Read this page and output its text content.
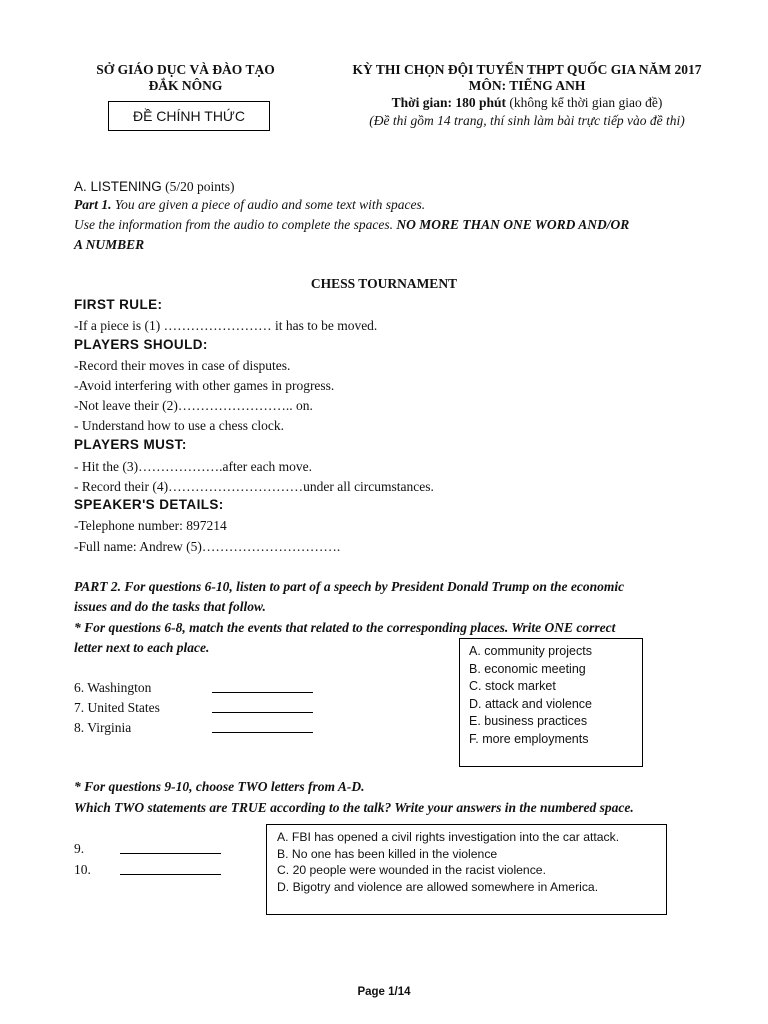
SỞ GIÁO DỤC VÀ ĐÀO TẠO
ĐẮK NÔNG
ĐỀ CHÍNH THỨC
KỲ THI CHỌN ĐỘI TUYỂN THPT QUỐC GIA NĂM 2017
MÔN: TIẾNG ANH
Thời gian: 180 phút (không kể thời gian giao đề)
(Đề thi gồm 14 trang, thí sinh làm bài trực tiếp vào đề thi)
A. LISTENING (5/20 points)
Part 1. You are given a piece of audio and some text with spaces.
Use the information from the audio to complete the spaces. NO MORE THAN ONE WORD AND/OR
A NUMBER
CHESS TOURNAMENT
FIRST RULE:
-If a piece is (1) …………………… it has to be moved.
PLAYERS SHOULD:
-Record their moves in case of disputes.
-Avoid interfering with other games in progress.
-Not leave their (2)…………………….. on.
- Understand how to use a chess clock.
PLAYERS MUST:
- Hit the (3)……………….after each move.
- Record their (4)…………………………under all circumstances.
SPEAKER'S DETAILS:
-Telephone number: 897214
-Full name: Andrew (5)………………………….
PART 2. For questions 6-10, listen to part of a speech by President Donald Trump on the economic
issues and do the tasks that follow.
* For questions 6-8, match the events that related to the corresponding places. Write ONE correct
letter next to each place.
6. Washington
7. United States
8. Virginia
A. community projects
B. economic meeting
C. stock market
D. attack and violence
E. business practices
F. more employments
* For questions 9-10, choose TWO letters from A-D.
Which TWO statements are TRUE according to the talk? Write your answers in the numbered space.
9.
10.
A. FBI has opened a civil rights investigation into the car attack.
B. No one has been killed in the violence
C. 20 people were wounded in the racist violence.
D. Bigotry and violence are allowed somewhere in America.
Page 1/14
